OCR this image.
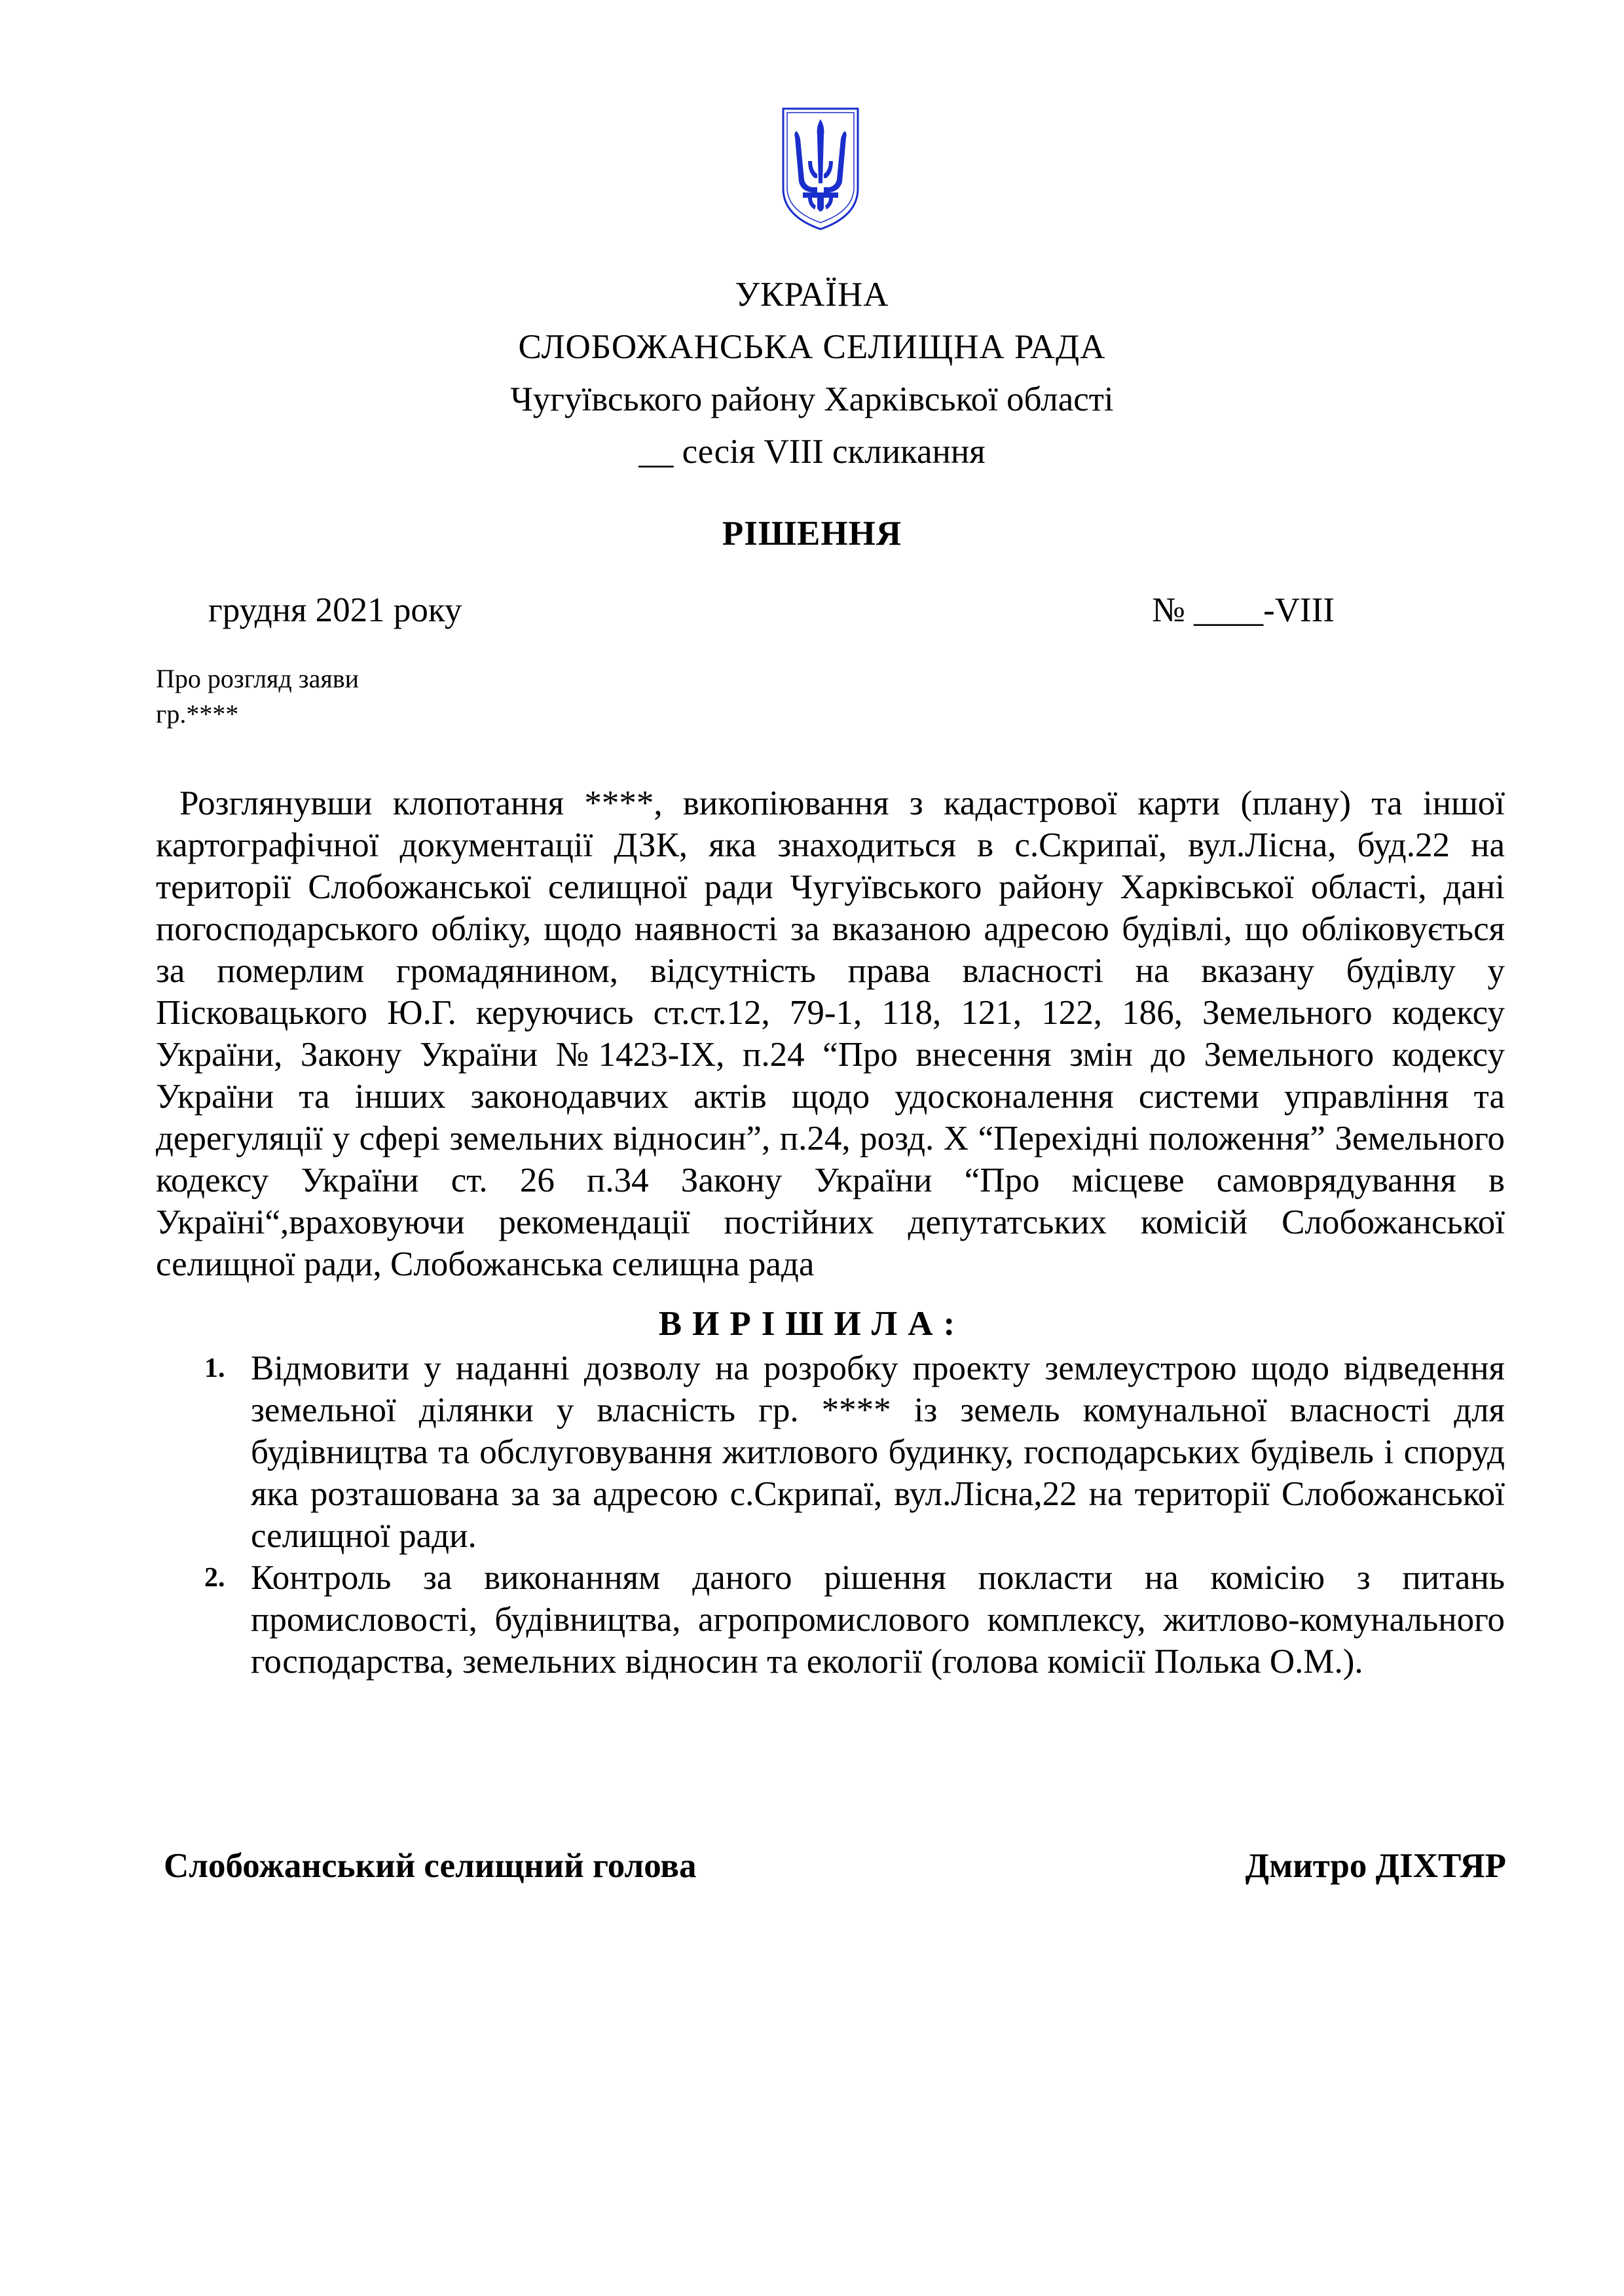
УКРАЇНА
СЛОБОЖАНСЬКА СЕЛИЩНА РАДА
Чугуївського району Харківської області
__ сесія VIII скликання
РІШЕННЯ
грудня 2021 року	№ ____-VIII
Про розгляд заяви
гр.****
Розглянувши клопотання ****, викопіювання з кадастрової карти (плану) та іншої картографічної документації ДЗК, яка знаходиться в с.Скрипаї, вул.Лісна, буд.22 на території Слобожанської селищної ради Чугуївського району Харківської області, дані погосподарського обліку, щодо наявності за вказаною адресою будівлі, що обліковується за померлим громадянином, відсутність права власності на вказану будівлу у Пісковацького Ю.Г. керуючись ст.ст.12, 79-1, 118, 121, 122, 186, Земельного кодексу України, Закону України №1423-IX, п.24 “Про внесення змін до Земельного кодексу України та інших законодавчих актів щодо удосконалення системи управління та дерегуляції у сфері земельних відносин”, п.24, розд. Х “Перехідні положення” Земельного кодексу України ст. 26 п.34 Закону України “Про місцеве самоврядування в Україні“,враховуючи рекомендації постійних депутатських комісій Слобожанської селищної ради, Слобожанська селищна рада
ВИРІШИЛА:
1. Відмовити у наданні дозволу на розробку проекту землеустрою щодо відведення земельної ділянки у власність гр. **** із земель комунальної власності для будівництва та обслуговування житлового будинку, господарських будівель і споруд яка розташована за за адресою с.Скрипаї, вул.Лісна,22 на території Слобожанської селищної ради.
2. Контроль за виконанням даного рішення покласти на комісію з питань промисловості, будівництва, агропромислового комплексу, житлово-комунального господарства, земельних відносин та екології (голова комісії Полька О.М.).
Слобожанський селищний голова	Дмитро ДІХТЯР
